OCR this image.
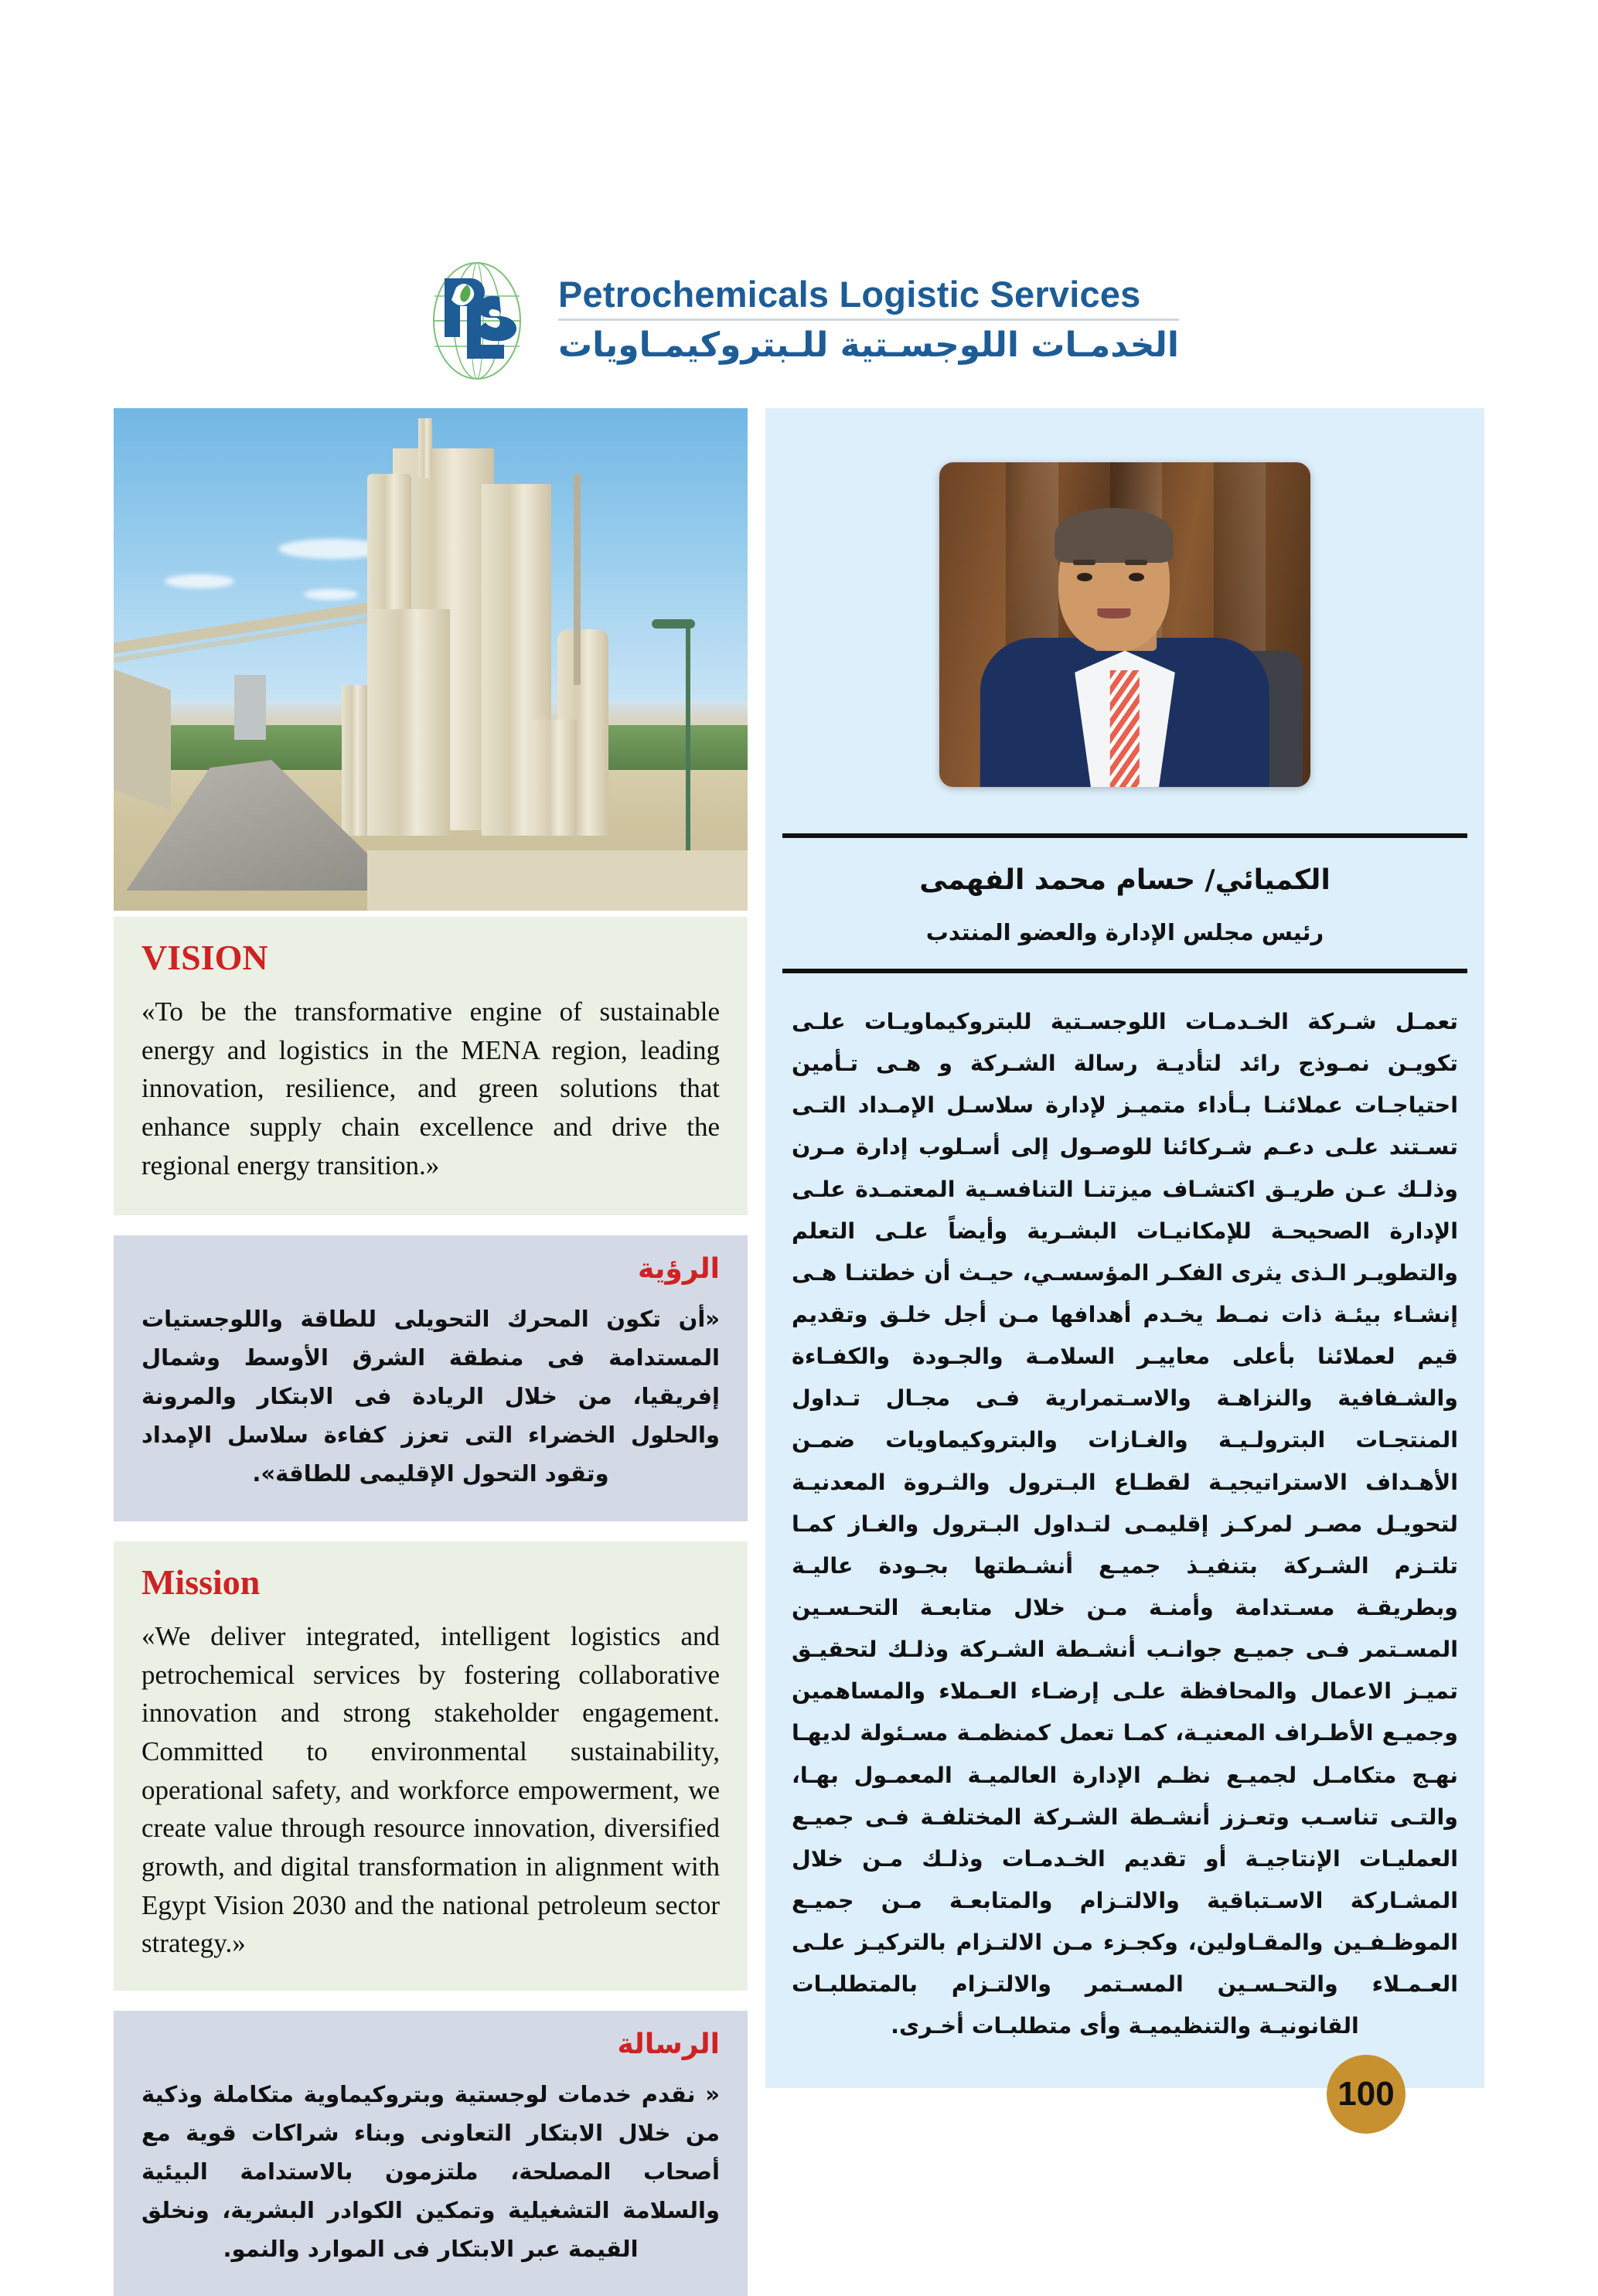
Petrochemicals Logistic Services
الخدمـات اللوجسـتية للـبتروكيمـاويات
VISION

«To be the transformative engine of sustainable energy and logistics in the MENA region, leading innovation, resilience, and green solutions that enhance supply chain excellence and drive the regional energy transition.»

الرؤية

«أن تكون المحرك التحويلى للطاقة واللوجستيات المستدامة فى منطقة الشرق الأوسط وشمال إفريقيا، من خلال الريادة فى الابتكار والمرونة والحلول الخضراء التى تعزز كفاءة سلاسل الإمداد وتقود التحول الإقليمى للطاقة».

Mission

«We deliver integrated, intelligent logistics and petrochemical services by fostering collaborative innovation and strong stakeholder engagement. Committed to environmental sustainability, operational safety, and workforce empowerment, we create value through resource innovation, diversified growth, and digital transformation in alignment with Egypt Vision 2030 and the national petroleum sector strategy.»

الرسالة

« نقدم خدمات لوجستية وبتروكيماوية متكاملة وذكية من خلال الابتكار التعاونى وبناء شراكات قوية مع أصحاب المصلحة، ملتزمون بالاستدامة البيئية والسلامة التشغيلية وتمكين الكوادر البشرية، ونخلق القيمة عبر الابتكار فى الموارد والنمو.

الكميائي/ حسام محمد الفهمى
رئيس مجلس الإدارة والعضو المنتدب
تعمـل شـركة الخـدمـات اللوجسـتية للبتروكيماويـات علـى تكويـن نمـوذج رائد لتأديـة رسالة الشـركة و هـى تـأمين احتياجـات عملائنـا بـأداء متميـز لإدارة سلاسـل الإمـداد التـى تسـتند علـى دعـم شـركائنا للوصـول إلى أسـلوب إدارة مـرن وذلـك عـن طريـق اكتشـاف ميزتنـا التنافسـية المعتمـدة علـى الإدارة الصحيحـة للإمكانيـات البشـرية وأيضاً علـى التعلم والتطويـر الـذى يثرى الفكـر المؤسسـي، حيـث أن خطتنـا هـى إنشـاء بيئـة ذات نمـط يخـدم أهدافها مـن أجل خلـق وتقديم قيم لعملائنا بأعلى معاييـر السلامـة والجـودة والكفـاءة والشـفافية والنزاهـة والاسـتمرارية فـى مجـال تـداول المنتجـات البترولـيـة والغـازات والبتروكيماويات ضمـن الأهـداف الاستراتيجيـة لقطـاع البـترول والثـروة المعدنيـة لتحويـل مصـر لمركـز إقليمـى لتـداول البـترول والغـاز كمـا تلتـزم الشـركة بتنفيـذ جميـع أنشـطتها بجـودة عاليـة وبطريقـة مسـتدامة وأمنـة مـن خلال متابعـة التحـسـين المسـتمر فـى جميـع جوانـب أنشـطة الشـركة وذلـك لتحقيـق تميـز الاعمال والمحافظة علـى إرضـاء العـملاء والمساهمين وجميـع الأطـراف المعنيـة، كمـا تعمل كمنظمـة مسـئولة لديهـا نهـج متكامـل لجميـع نظـم الإدارة العالميـة المعمـول بهـا، والتـى تناسـب وتعـزز أنشـطة الشـركة المختلفـة فـى جميـع العمليـات الإنتاجيـة أو تقديم الخـدمـات وذلـك مـن خلال المشـاركة الاسـتباقية والالتـزام والمتابعـة مـن جميـع الموظـفـين والمقـاولين، وكجـزء مـن الالتـزام بالتركيـز علـى العـمـلاء والتحـسـين المسـتمر والالتـزام بالمتطلبـات القانونيـة والتنظيميـة وأى متطلبـات أخـرى.
100
